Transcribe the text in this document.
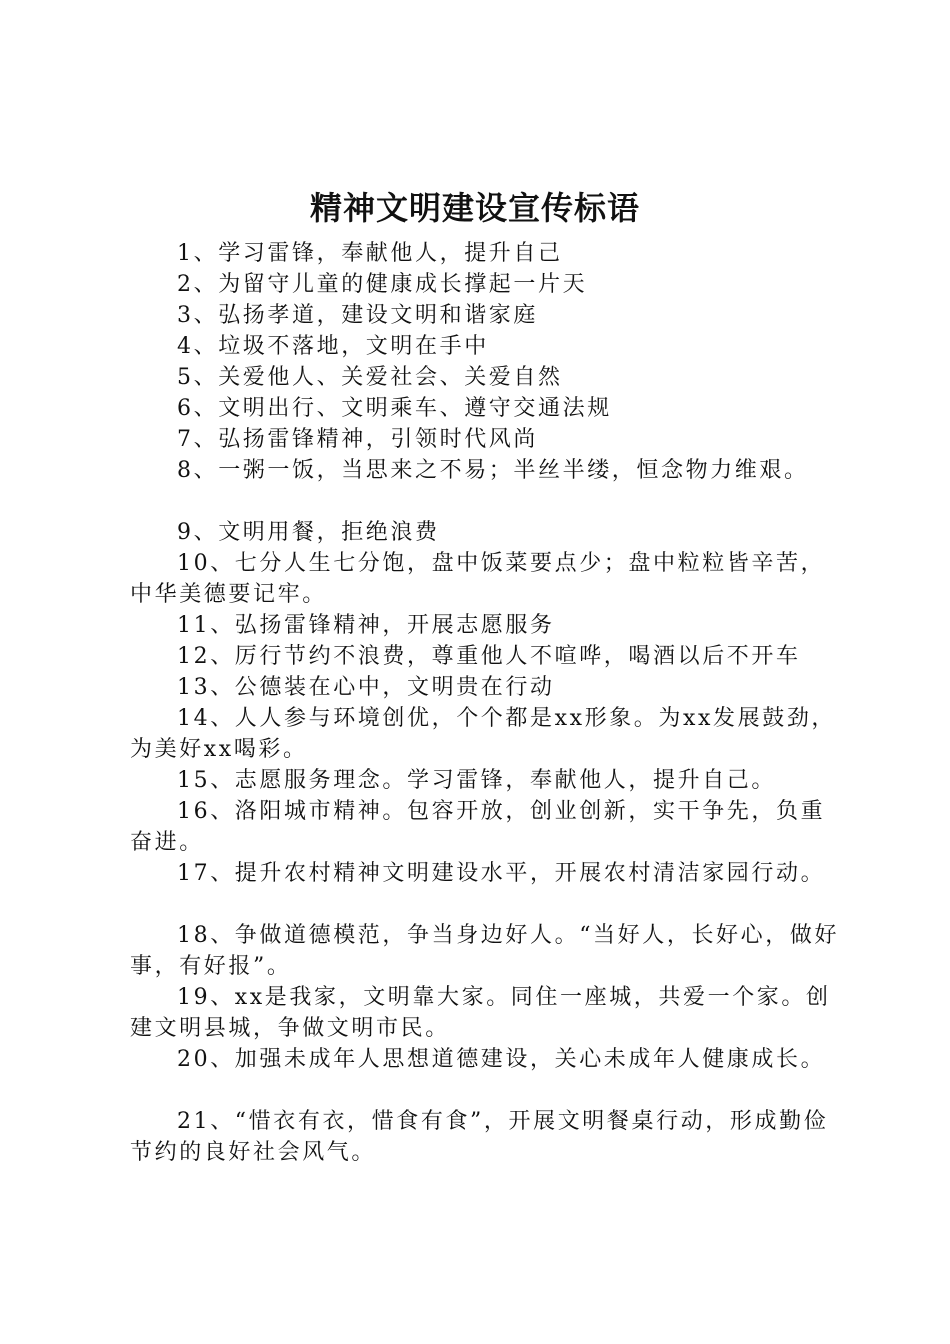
精神文明建设宣传标语

1、学习雷锋，奉献他人，提升自己

2、为留守儿童的健康成长撑起一片天

3、弘扬孝道，建设文明和谐家庭

4、垃圾不落地，文明在手中

5、关爱他人、关爱社会、关爱自然

6、文明出行、文明乘车、遵守交通法规

7、弘扬雷锋精神，引领时代风尚

8、一粥一饭，当思来之不易；半丝半缕，恒念物力维艰。

9、文明用餐，拒绝浪费

10、七分人生七分饱，盘中饭菜要点少；盘中粒粒皆辛苦，中华美德要记牢。

11、弘扬雷锋精神，开展志愿服务

12、厉行节约不浪费，尊重他人不喧哗，喝酒以后不开车

13、公德装在心中，文明贵在行动

14、人人参与环境创优，个个都是xx形象。为xx发展鼓劲，为美好xx喝彩。

15、志愿服务理念。学习雷锋，奉献他人，提升自己。

16、洛阳城市精神。包容开放，创业创新，实干争先，负重奋进。

17、提升农村精神文明建设水平，开展农村清洁家园行动。

18、争做道德模范，争当身边好人。“当好人，长好心，做好事，有好报”。

19、xx是我家，文明靠大家。同住一座城，共爱一个家。创建文明县城，争做文明市民。

20、加强未成年人思想道德建设，关心未成年人健康成长。

21、“惜衣有衣，惜食有食”，开展文明餐桌行动，形成勤俭节约的良好社会风气。
